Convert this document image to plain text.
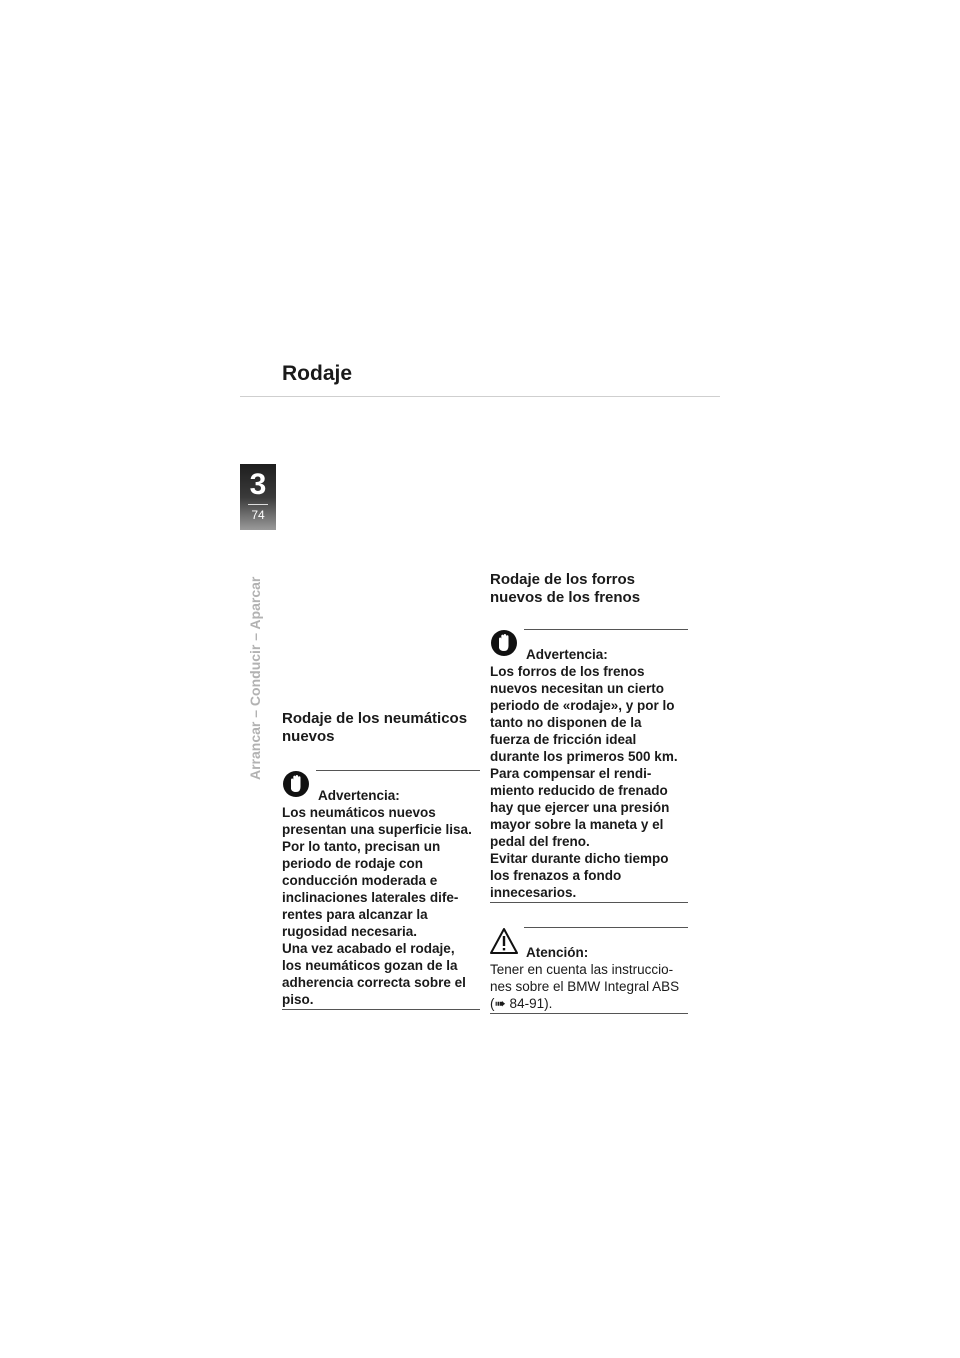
Rodaje
3
74
Arrancar – Conducir – Aparcar Rodaje de los neumáticos
nuevos
Advertencia:
Los neumáticos nuevos
presentan una superficie lisa.
Por lo tanto, precisan un
periodo de rodaje con
conducción moderada e
inclinaciones laterales dife-
rentes para alcanzar la
rugosidad necesaria.
Una vez acabado el rodaje,
los neumáticos gozan de la
adherencia correcta sobre el
piso.
Rodaje de los forros
nuevos de los frenos
Advertencia:
Los forros de los frenos
nuevos necesitan un cierto
periodo de «rodaje», y por lo
tanto no disponen de la
fuerza de fricción ideal
durante los primeros 500 km.
Para compensar el rendi-
miento reducido de frenado
hay que ejercer una presión
mayor sobre la maneta y el
pedal del freno.
Evitar durante dicho tiempo
los frenazos a fondo
innecesarios.
Atención:
Tener en cuenta las instruccio-
nes sobre el BMW Integral ABS
(➠ 84-91).
